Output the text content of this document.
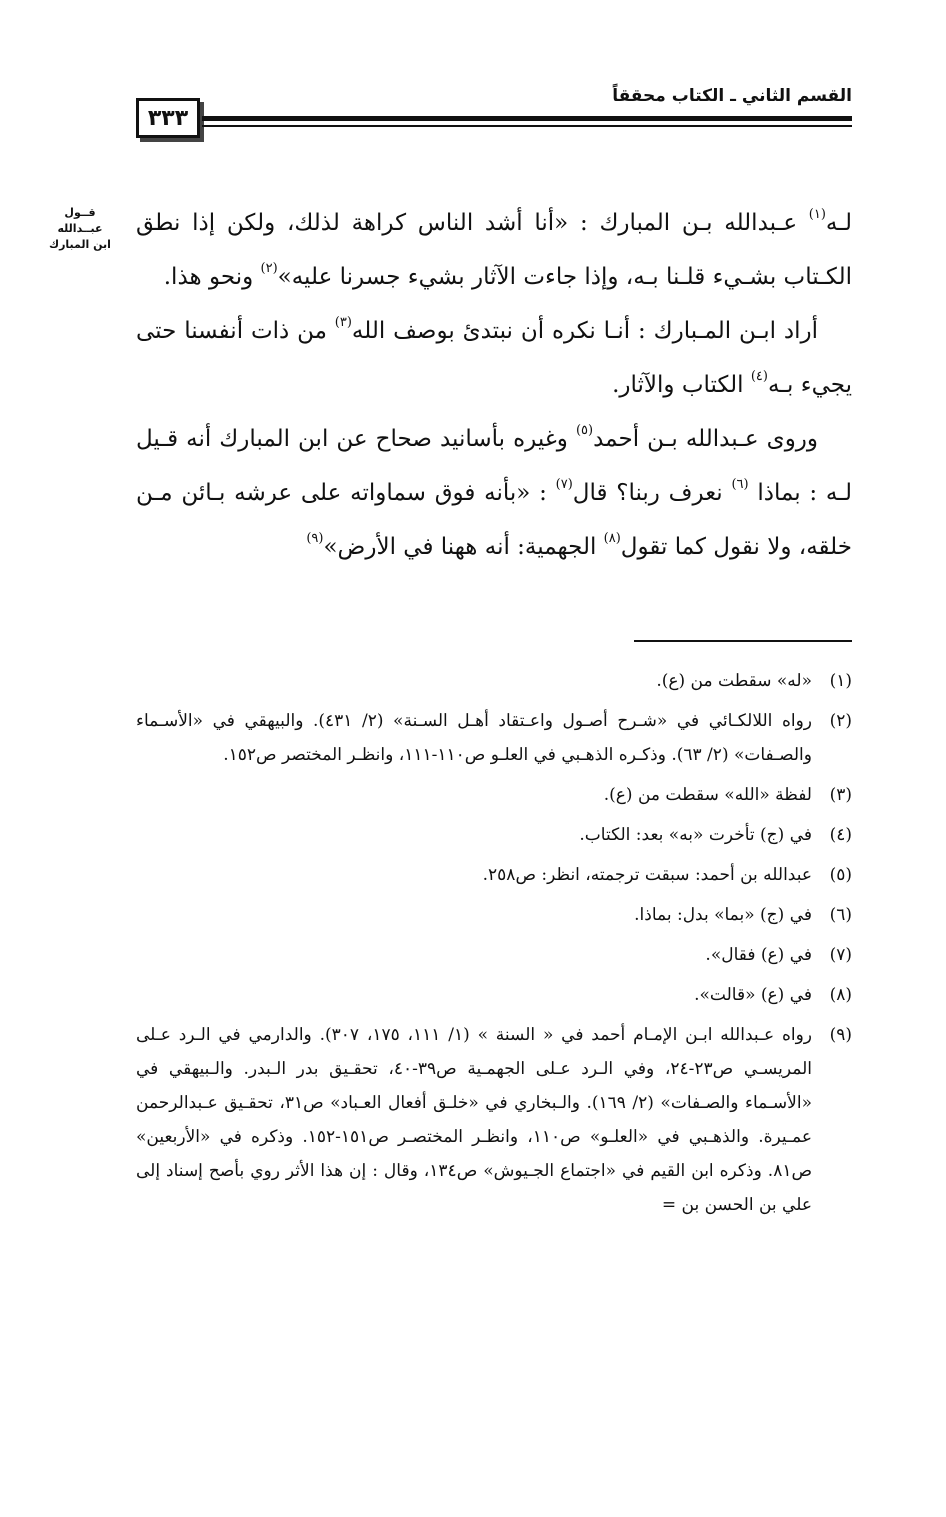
٣٣٣
القسم الثاني ـ الكتاب محققاً
قــول
عبــدالله
ابن المبارك

لـه$^{(١)}$ عـبدالله بـن المبارك : «أنا أشد الناس كراهة لذلك، ولكن إذا نطق الكـتاب بشـيء قلـنا بـه، وإذا جاءت الآثار بشيء جسرنا عليه»$^{(٢)}$ ونحو هذا.

أراد ابـن المـبارك : أنـا نكره أن نبتدئ بوصف الله$^{(٣)}$ من ذات أنفسنا حتى يجيء بـه$^{(٤)}$ الكتاب والآثار.

وروى عـبدالله بـن أحمد$^{(٥)}$ وغيره بأسانيد صحاح عن ابن المبارك أنه قـيل لـه : بماذا $^{(٦)}$ نعرف ربنا؟ قال$^{(٧)}$ : «بأنه فوق سماواته على عرشه بـائن مـن خلقه، ولا نقول كما تقول$^{(٨)}$ الجهمية: أنه ههنا في الأرض»$^{(٩)}$

(١)«له» سقطت من (ع).
(٢)رواه اللالكـائي في «شـرح أصـول واعـتقاد أهـل السـنة» (٢/ ٤٣١). والبيهقي في «الأسـماء والصـفات» (٢/ ٦٣). وذكـره الذهـبي في العلـو ص١١٠-١١١، وانظـر المختصر ص١٥٢.
(٣)لفظة «الله» سقطت من (ع).
(٤)في (ج) تأخرت «به» بعد: الكتاب.
(٥)عبدالله بن أحمد: سبقت ترجمته، انظر: ص٢٥٨.
(٦)في (ج) «بما» بدل: بماذا.
(٧)في (ع) فقال».
(٨)في (ع) «قالت».
(٩)رواه عـبدالله ابـن الإمـام أحمد في « السنة » (١/ ١١١، ١٧٥، ٣٠٧). والدارمي في الـرد عـلى المريسـي ص٢٣-٢٤، وفي الـرد عـلى الجهمـية ص٣٩-٤٠، تحقـيق بدر الـبدر. والـبيهقي في «الأسـماء والصـفات» (٢/ ١٦٩). والـبخاري في «خلـق أفعال العـباد» ص٣١، تحقـيق عـبدالرحمن عمـيرة. والذهـبي في «العلـو» ص١١٠، وانظـر المختصـر ص١٥١-١٥٢. وذكره في «الأربعين» ص٨١. وذكره ابن القيم في «اجتماع الجـيوش» ص١٣٤، وقال : إن هذا الأثر روي بأصح إسناد إلى علي بن الحسن بن =
